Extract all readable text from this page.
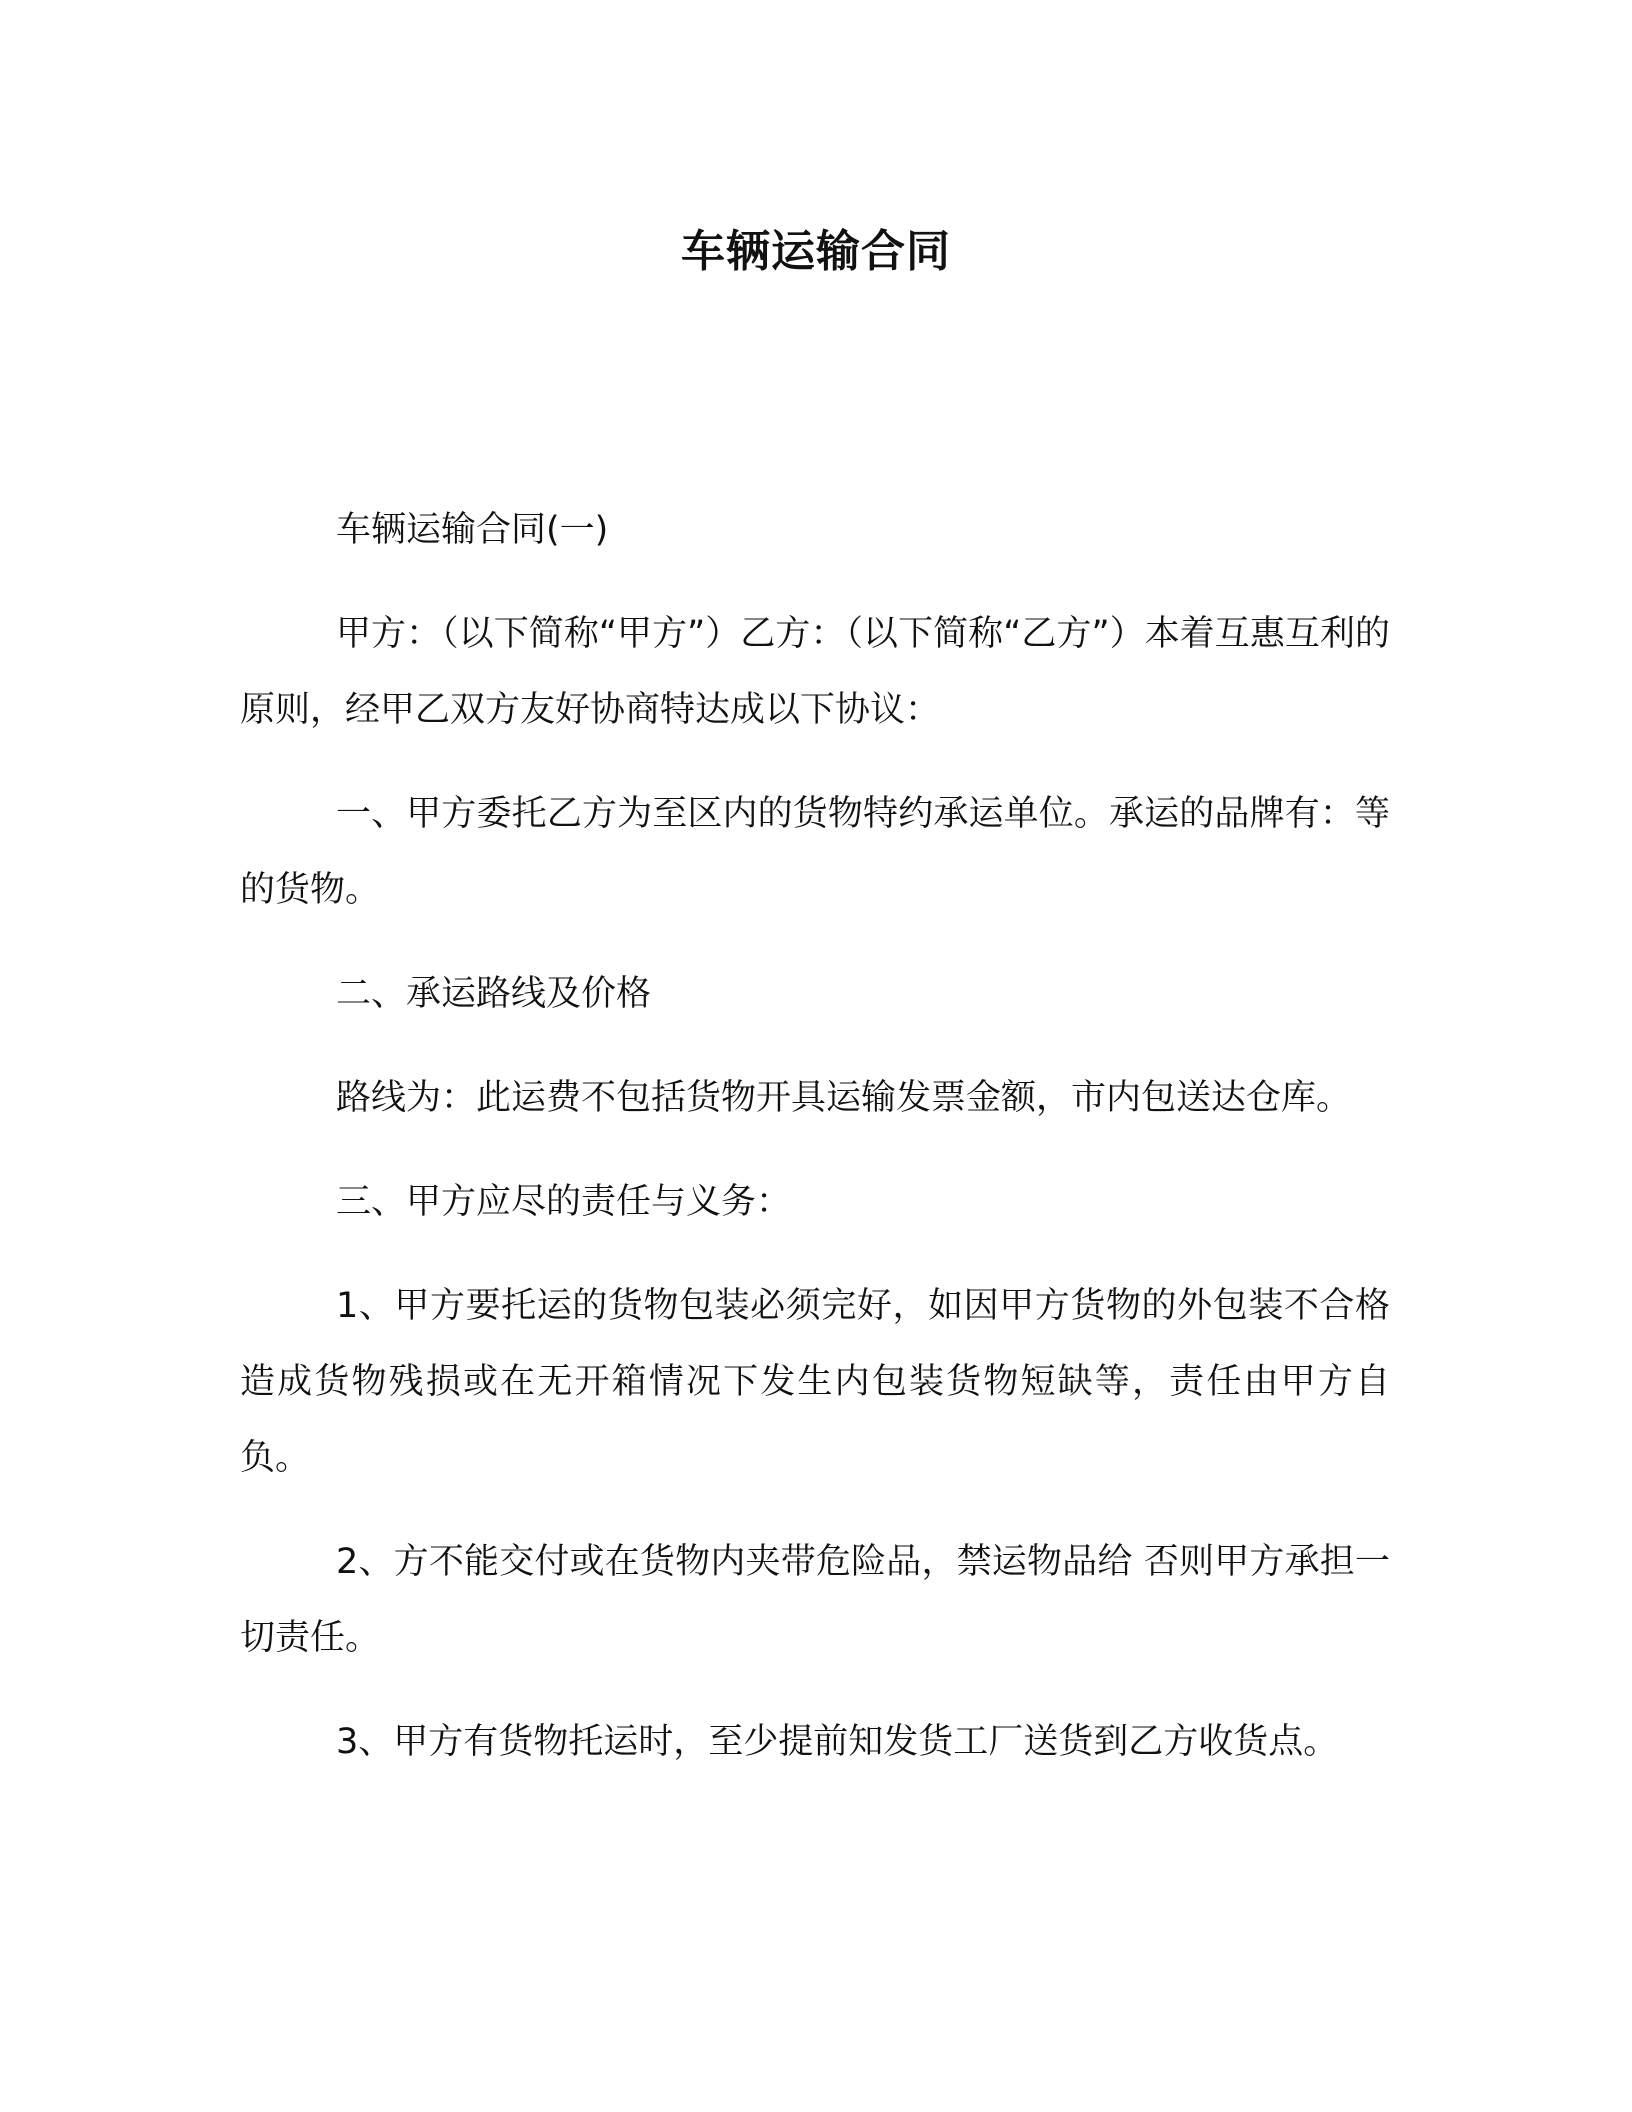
车辆运输合同

车辆运输合同(一)

甲方：（以下简称“甲方”）乙方：（以下简称“乙方”）本着互惠互利的原则，经甲乙双方友好协商特达成以下协议：

一、甲方委托乙方为至区内的货物特约承运单位。承运的品牌有：等的货物。

二、承运路线及价格

路线为：此运费不包括货物开具运输发票金额，市内包送达仓库。

三、甲方应尽的责任与义务：

1、甲方要托运的货物包装必须完好，如因甲方货物的外包装不合格造成货物残损或在无开箱情况下发生内包装货物短缺等，责任由甲方自负。

2、方不能交付或在货物内夹带危险品，禁运物品给 否则甲方承担一切责任。

3、甲方有货物托运时，至少提前知发货工厂送货到乙方收货点。
